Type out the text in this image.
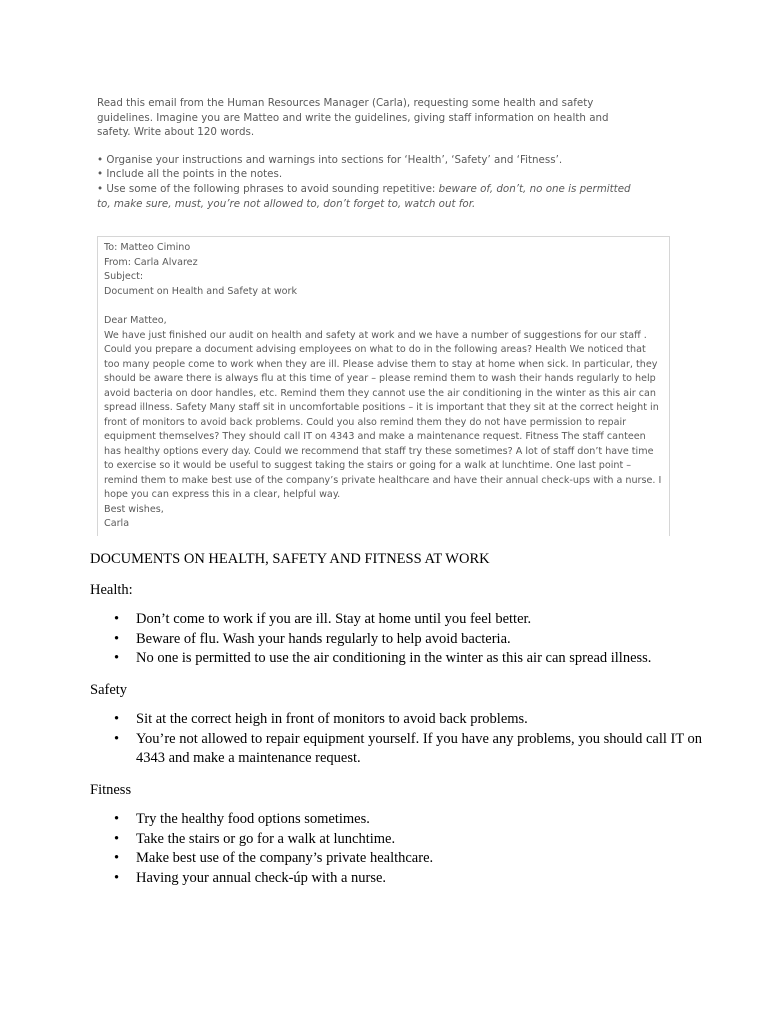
Read this email from the Human Resources Manager (Carla), requesting some health and safety guidelines. Imagine you are Matteo and write the guidelines, giving staff information on health and safety. Write about 120 words.

• Organise your instructions and warnings into sections for ‘Health’, ‘Safety’ and ‘Fitness’.

• Include all the points in the notes.

• Use some of the following phrases to avoid sounding repetitive: beware of, don’t, no one is permitted to, make sure, must, you’re not allowed to, don’t forget to, watch out for.

To: Matteo Cimino

From: Carla Alvarez

Subject:

Document on Health and Safety at work

Dear Matteo,

We have just finished our audit on health and safety at work and we have a number of suggestions for our staff . Could you prepare a document advising employees on what to do in the following areas? Health We noticed that too many people come to work when they are ill. Please advise them to stay at home when sick. In particular, they should be aware there is always flu at this time of year – please remind them to wash their hands regularly to help avoid bacteria on door handles, etc. Remind them they cannot use the air conditioning in the winter as this air can spread illness. Safety Many staff sit in uncomfortable positions – it is important that they sit at the correct height in front of monitors to avoid back problems. Could you also remind them they do not have permission to repair equipment themselves? They should call IT on 4343 and make a maintenance request. Fitness The staff canteen has healthy options every day. Could we recommend that staff try these sometimes? A lot of staff don’t have time to exercise so it would be useful to suggest taking the stairs or going for a walk at lunchtime. One last point – remind them to make best use of the company’s private healthcare and have their annual check-ups with a nurse. I hope you can express this in a clear, helpful way.

Best wishes,

Carla

DOCUMENTS ON HEALTH, SAFETY AND FITNESS AT WORK

Health:

• Don’t come to work if you are ill. Stay at home until you feel better.
• Beware of flu. Wash your hands regularly to help avoid bacteria.
• No one is permitted to use the air conditioning in the winter as this air can spread illness.

Safety

• Sit at the correct heigh in front of monitors to avoid back problems.
• You’re not allowed to repair equipment yourself. If you have any problems, you should call IT on 4343 and make a maintenance request.

Fitness

• Try the healthy food options sometimes.
• Take the stairs or go for a walk at lunchtime.
• Make best use of the company’s private healthcare.
• Having your annual check-úp with a nurse.
